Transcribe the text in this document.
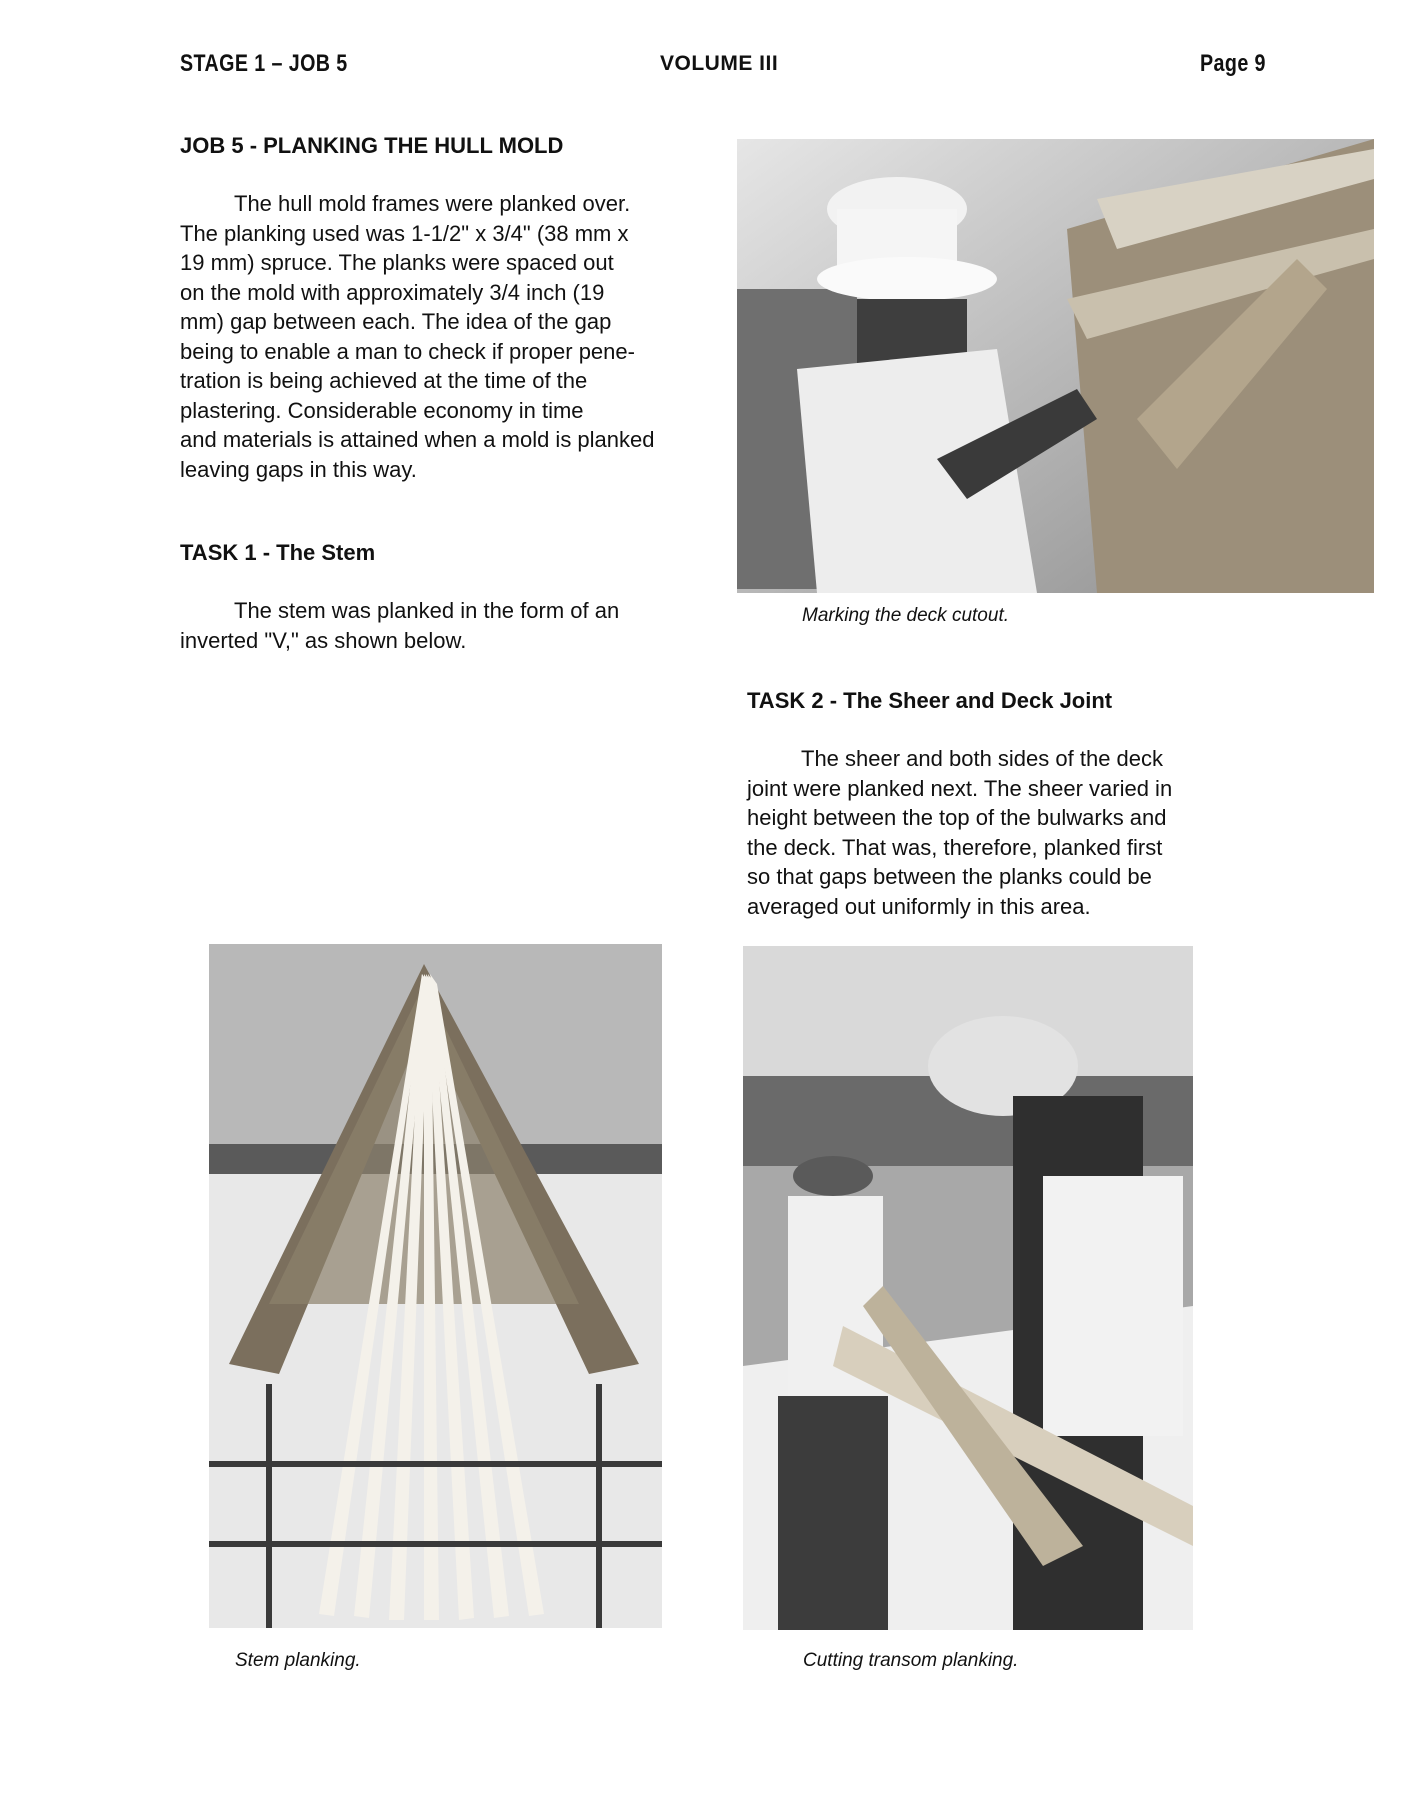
STAGE 1 – JOB 5	VOLUME III	Page 9
JOB 5 - PLANKING THE HULL MOLD
The hull mold frames were planked over.
The planking used was 1-1/2" x 3/4" (38 mm x
19 mm) spruce. The planks were spaced out
on the mold with approximately 3/4 inch (19
mm) gap between each. The idea of the gap
being to enable a man to check if proper pene-
tration is being achieved at the time of the
plastering. Considerable economy in time
and materials is attained when a mold is planked
leaving gaps in this way.
TASK 1 - The Stem
The stem was planked in the form of an
inverted "V," as shown below.
Marking the deck cutout.
TASK 2 - The Sheer and Deck Joint
The sheer and both sides of the deck
joint were planked next. The sheer varied in
height between the top of the bulwarks and
the deck. That was, therefore, planked first
so that gaps between the planks could be
averaged out uniformly in this area.
Stem planking.	Cutting transom planking.
